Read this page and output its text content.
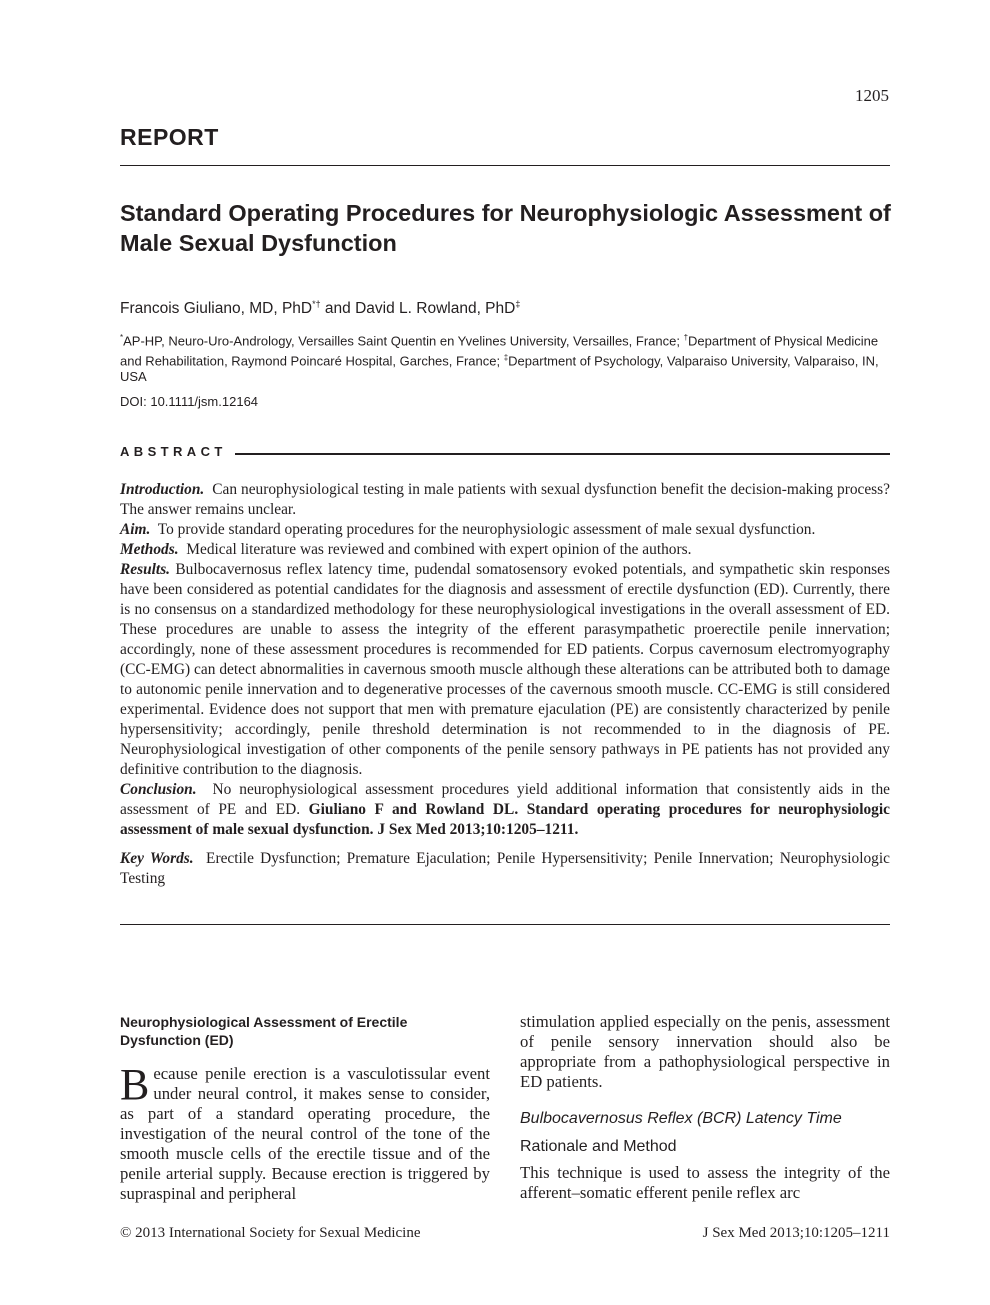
1205
REPORT
Standard Operating Procedures for Neurophysiologic Assessment of Male Sexual Dysfunction
Francois Giuliano, MD, PhD*† and David L. Rowland, PhD‡
*AP-HP, Neuro-Uro-Andrology, Versailles Saint Quentin en Yvelines University, Versailles, France; †Department of Physical Medicine and Rehabilitation, Raymond Poincaré Hospital, Garches, France; ‡Department of Psychology, Valparaiso University, Valparaiso, IN, USA
DOI: 10.1111/jsm.12164
ABSTRACT

Introduction. Can neurophysiological testing in male patients with sexual dysfunction benefit the decision-making process? The answer remains unclear.

Aim. To provide standard operating procedures for the neurophysiologic assessment of male sexual dysfunction.

Methods. Medical literature was reviewed and combined with expert opinion of the authors.

Results. Bulbocavernosus reflex latency time, pudendal somatosensory evoked potentials, and sympathetic skin responses have been considered as potential candidates for the diagnosis and assessment of erectile dysfunction (ED). Currently, there is no consensus on a standardized methodology for these neurophysiological investigations in the overall assessment of ED. These procedures are unable to assess the integrity of the efferent parasympathetic proerectile penile innervation; accordingly, none of these assessment procedures is recommended for ED patients. Corpus cavernosum electromyography (CC-EMG) can detect abnormalities in cavernous smooth muscle although these alterations can be attributed both to damage to autonomic penile innervation and to degenerative processes of the cavernous smooth muscle. CC-EMG is still considered experimental. Evidence does not support that men with premature ejaculation (PE) are consistently characterized by penile hypersensitivity; accordingly, penile threshold determination is not recommended to in the diagnosis of PE. Neurophysiological investigation of other components of the penile sensory pathways in PE patients has not provided any definitive contribution to the diagnosis.

Conclusion. No neurophysiological assessment procedures yield additional information that consistently aids in the assessment of PE and ED. Giuliano F and Rowland DL. Standard operating procedures for neurophysiologic assessment of male sexual dysfunction. J Sex Med 2013;10:1205–1211.

Key Words. Erectile Dysfunction; Premature Ejaculation; Penile Hypersensitivity; Penile Innervation; Neurophysiologic Testing
Neurophysiological Assessment of Erectile Dysfunction (ED)
Because penile erection is a vasculotissular event under neural control, it makes sense to consider, as part of a standard operating procedure, the investigation of the neural control of the tone of the smooth muscle cells of the erectile tissue and of the penile arterial supply. Because erection is triggered by supraspinal and peripheral
stimulation applied especially on the penis, assessment of penile sensory innervation should also be appropriate from a pathophysiological perspective in ED patients.
Bulbocavernosus Reflex (BCR) Latency Time
Rationale and Method
This technique is used to assess the integrity of the afferent–somatic efferent penile reflex arc
© 2013 International Society for Sexual Medicine	J Sex Med 2013;10:1205–1211
